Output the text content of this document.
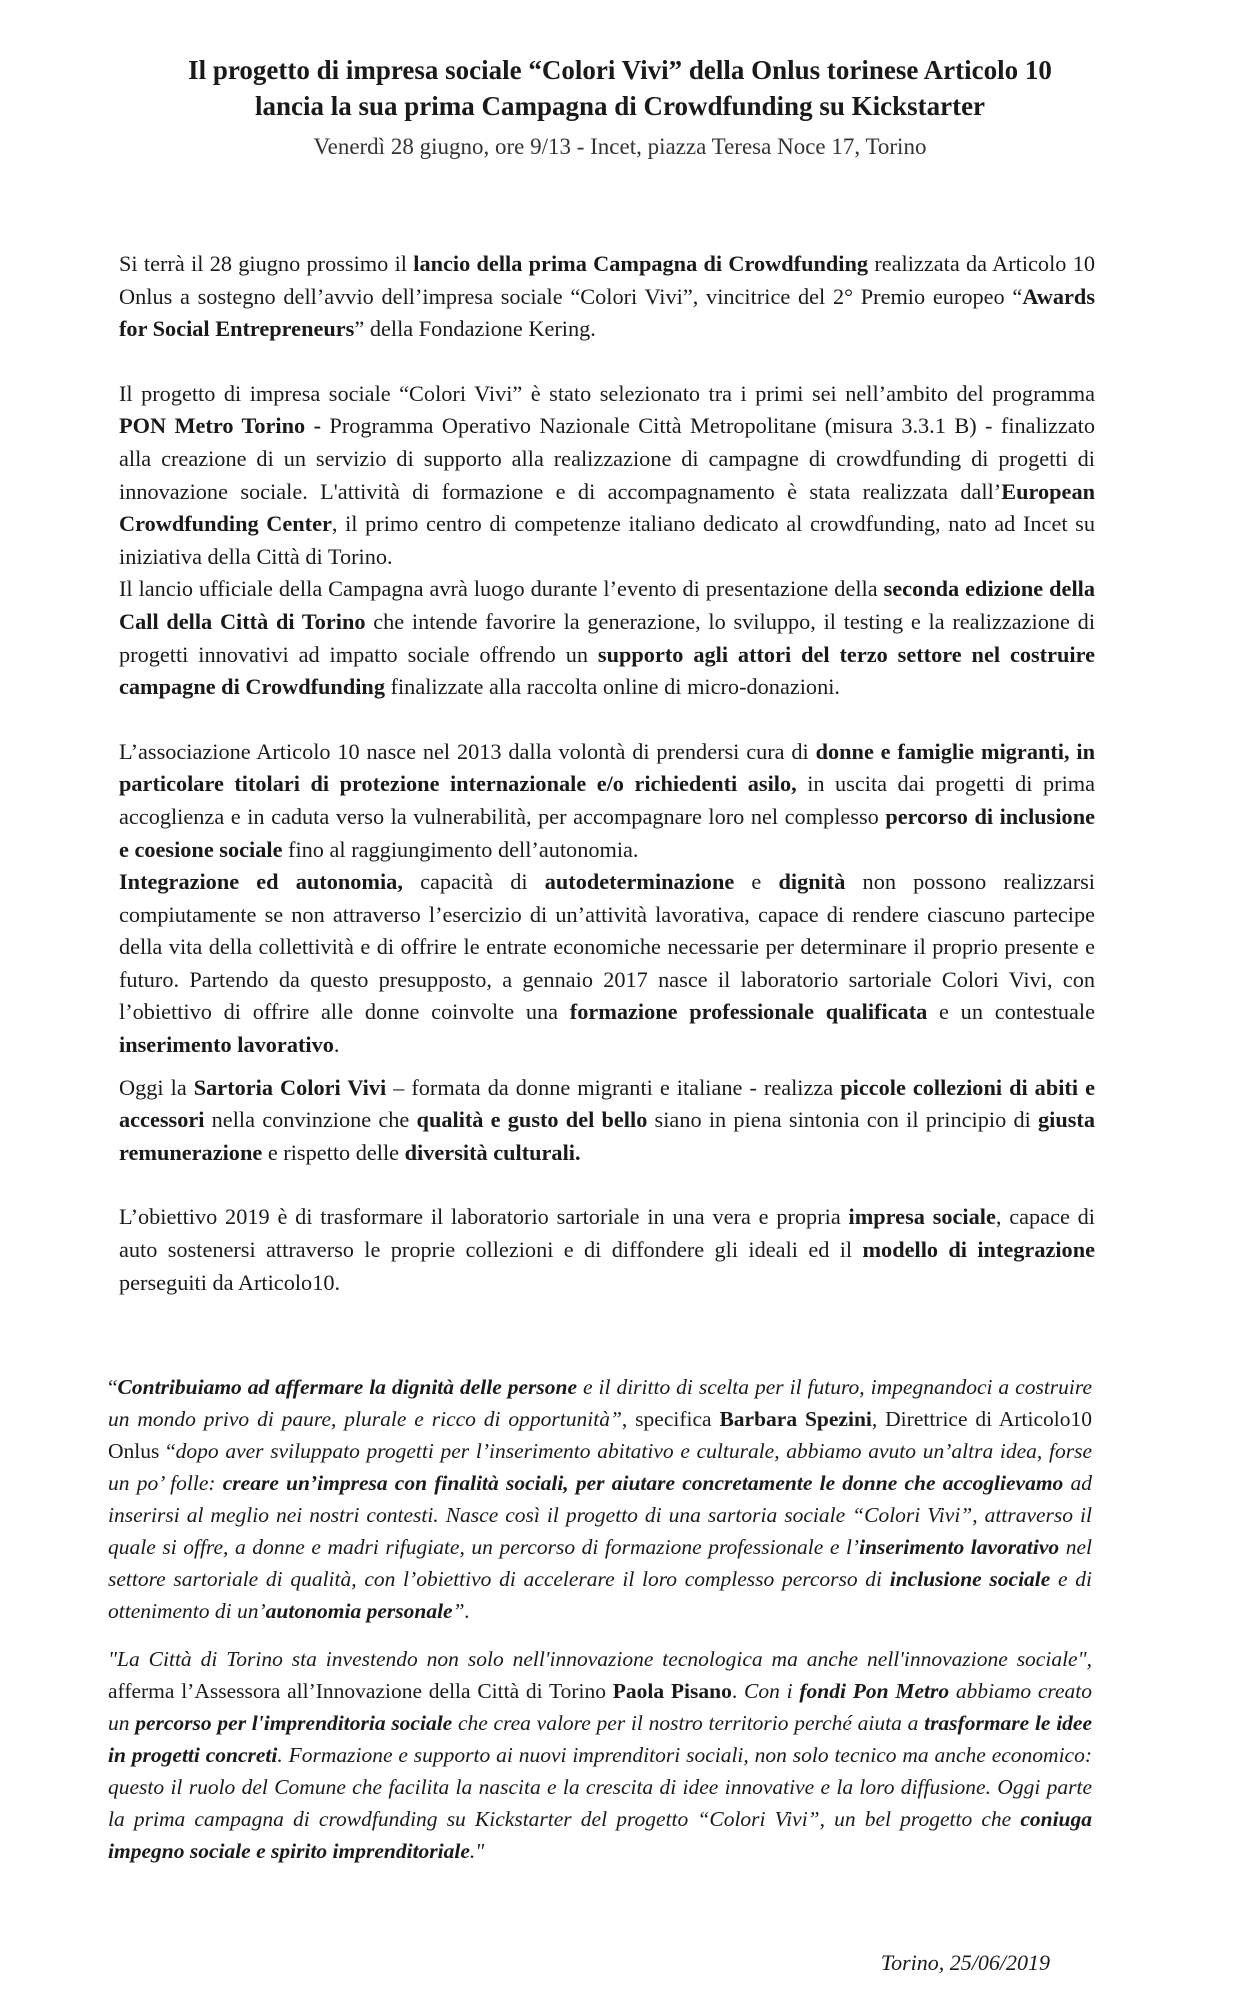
Il progetto di impresa sociale “Colori Vivi” della Onlus torinese Articolo 10
lancia la sua prima Campagna di Crowdfunding su Kickstarter
Venerdì 28 giugno, ore 9/13 - Incet, piazza Teresa Noce 17, Torino

Si terrà il 28 giugno prossimo il lancio della prima Campagna di Crowdfunding realizzata da Articolo 10 Onlus a sostegno dell’avvio dell’impresa sociale “Colori Vivi”, vincitrice del 2° Premio europeo “Awards for Social Entrepreneurs” della Fondazione Kering.

Il progetto di impresa sociale “Colori Vivi” è stato selezionato tra i primi sei nell’ambito del programma PON Metro Torino - Programma Operativo Nazionale Città Metropolitane (misura 3.3.1 B) - finalizzato alla creazione di un servizio di supporto alla realizzazione di campagne di crowdfunding di progetti di innovazione sociale. L'attività di formazione e di accompagnamento è stata realizzata dall’European Crowdfunding Center, il primo centro di competenze italiano dedicato al crowdfunding, nato ad Incet su iniziativa della Città di Torino.

Il lancio ufficiale della Campagna avrà luogo durante l’evento di presentazione della seconda edizione della Call della Città di Torino che intende favorire la generazione, lo sviluppo, il testing e la realizzazione di progetti innovativi ad impatto sociale offrendo un supporto agli attori del terzo settore nel costruire campagne di Crowdfunding finalizzate alla raccolta online di micro-donazioni.

L’associazione Articolo 10 nasce nel 2013 dalla volontà di prendersi cura di donne e famiglie migranti, in particolare titolari di protezione internazionale e/o richiedenti asilo, in uscita dai progetti di prima accoglienza e in caduta verso la vulnerabilità, per accompagnare loro nel complesso percorso di inclusione e coesione sociale fino al raggiungimento dell’autonomia.

Integrazione ed autonomia, capacità di autodeterminazione e dignità non possono realizzarsi compiutamente se non attraverso l’esercizio di un’attività lavorativa, capace di rendere ciascuno partecipe della vita della collettività e di offrire le entrate economiche necessarie per determinare il proprio presente e futuro. Partendo da questo presupposto, a gennaio 2017 nasce il laboratorio sartoriale Colori Vivi, con l’obiettivo di offrire alle donne coinvolte una formazione professionale qualificata e un contestuale inserimento lavorativo.

Oggi la Sartoria Colori Vivi – formata da donne migranti e italiane - realizza piccole collezioni di abiti e accessori nella convinzione che qualità e gusto del bello siano in piena sintonia con il principio di giusta remunerazione e rispetto delle diversità culturali.

L’obiettivo 2019 è di trasformare il laboratorio sartoriale in una vera e propria impresa sociale, capace di auto sostenersi attraverso le proprie collezioni e di diffondere gli ideali ed il modello di integrazione perseguiti da Articolo10.

“Contribuiamo ad affermare la dignità delle persone e il diritto di scelta per il futuro, impegnandoci a costruire un mondo privo di paure, plurale e ricco di opportunità”, specifica Barbara Spezini, Direttrice di Articolo10 Onlus “dopo aver sviluppato progetti per l’inserimento abitativo e culturale, abbiamo avuto un’altra idea, forse un po’ folle: creare un’impresa con finalità sociali, per aiutare concretamente le donne che accoglievamo ad inserirsi al meglio nei nostri contesti. Nasce così il progetto di una sartoria sociale “Colori Vivi”, attraverso il quale si offre, a donne e madri rifugiate, un percorso di formazione professionale e l’inserimento lavorativo nel settore sartoriale di qualità, con l’obiettivo di accelerare il loro complesso percorso di inclusione sociale e di ottenimento di un’autonomia personale”.

"La Città di Torino sta investendo non solo nell'innovazione tecnologica ma anche nell'innovazione sociale", afferma l’Assessora all’Innovazione della Città di Torino Paola Pisano. Con i fondi Pon Metro abbiamo creato un percorso per l'imprenditoria sociale che crea valore per il nostro territorio perché aiuta a trasformare le idee in progetti concreti. Formazione e supporto ai nuovi imprenditori sociali, non solo tecnico ma anche economico: questo il ruolo del Comune che facilita la nascita e la crescita di idee innovative e la loro diffusione. Oggi parte la prima campagna di crowdfunding su Kickstarter del progetto “Colori Vivi”, un bel progetto che coniuga impegno sociale e spirito imprenditoriale."

Torino, 25/06/2019
